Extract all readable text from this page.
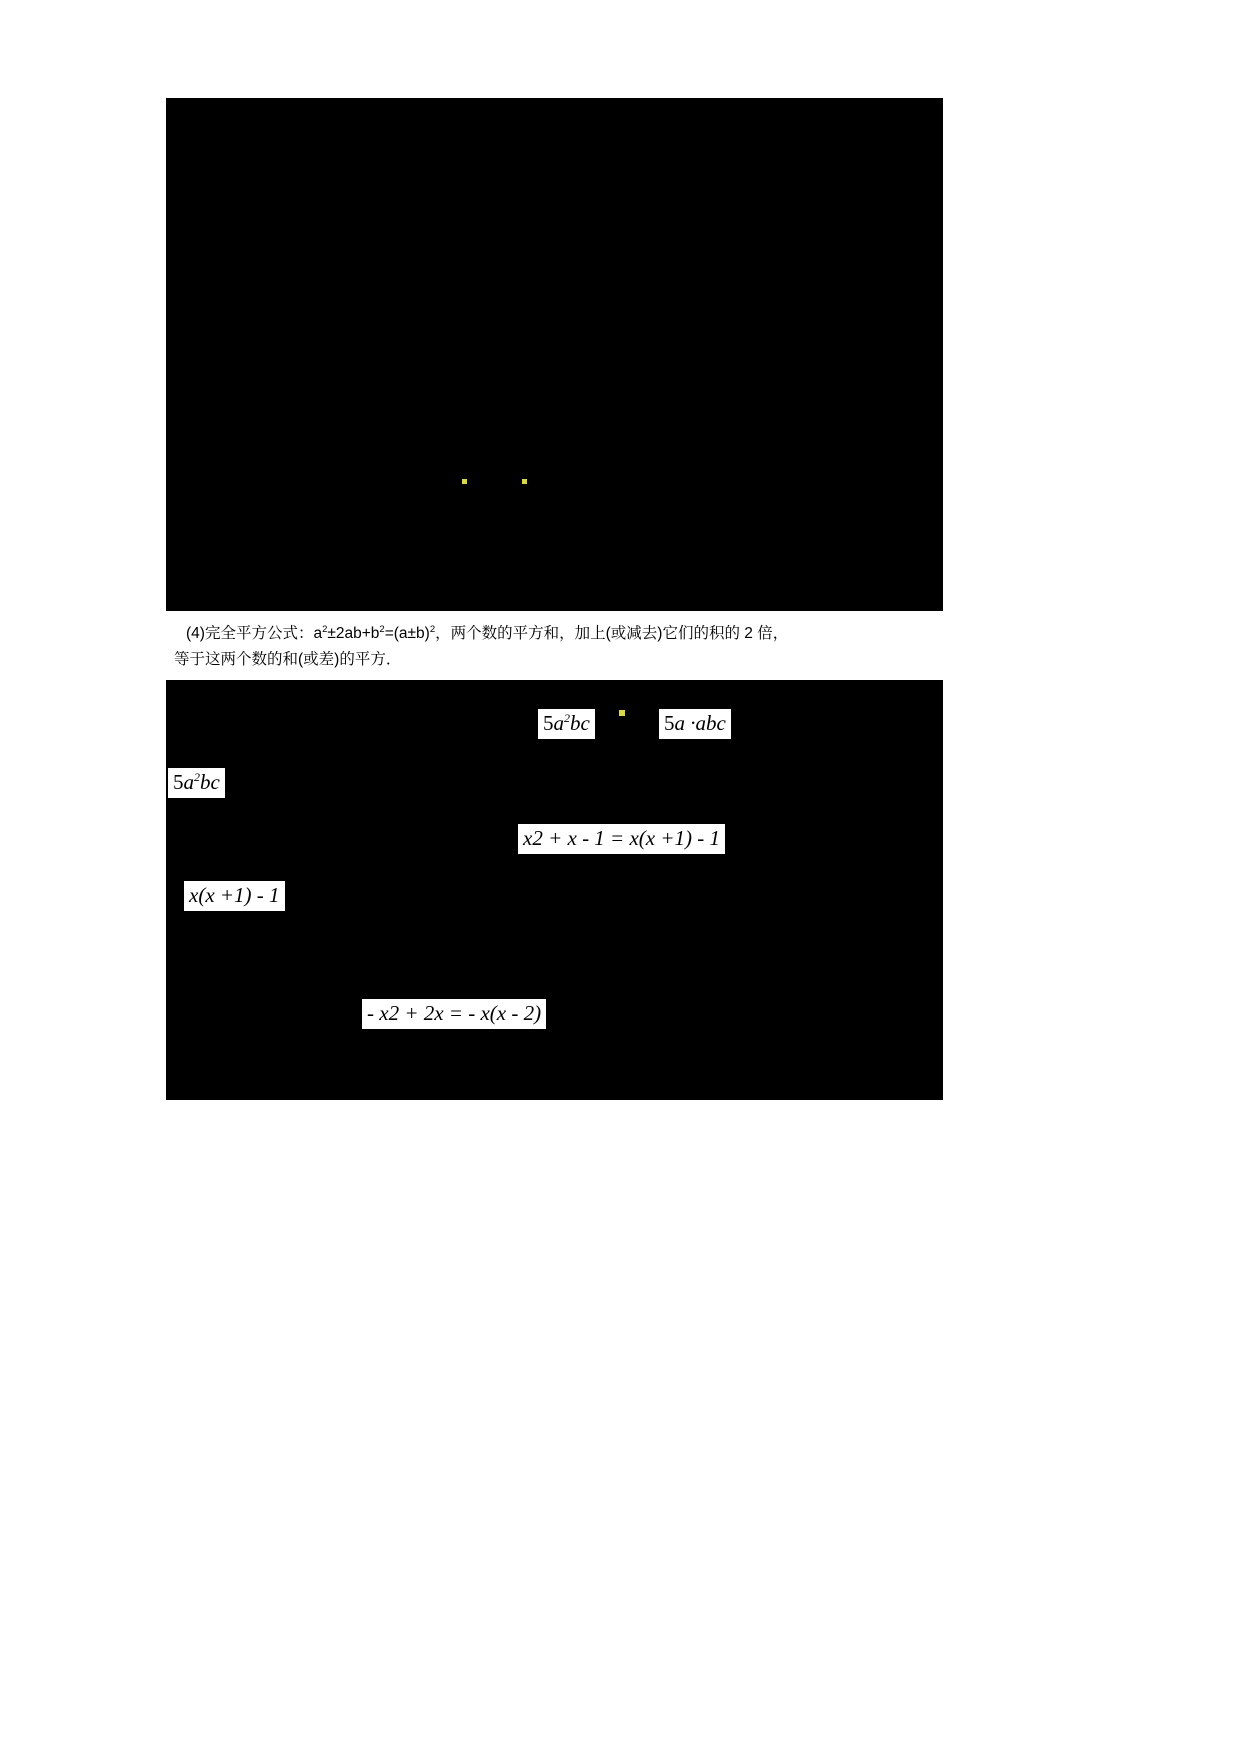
(4)完全平方公式：$a^2\pm 2ab+b^2=(a\pm b)^2$，两个数的平方和，加上(或减去)它们的积的 2 倍，
等于这两个数的和(或差)的平方．
$5a^2bc$	5a ·abc
$5a^2bc$
x2 + x - 1 = x(x +1) - 1
x(x +1) - 1
- x2 + 2x = - x(x - 2)
